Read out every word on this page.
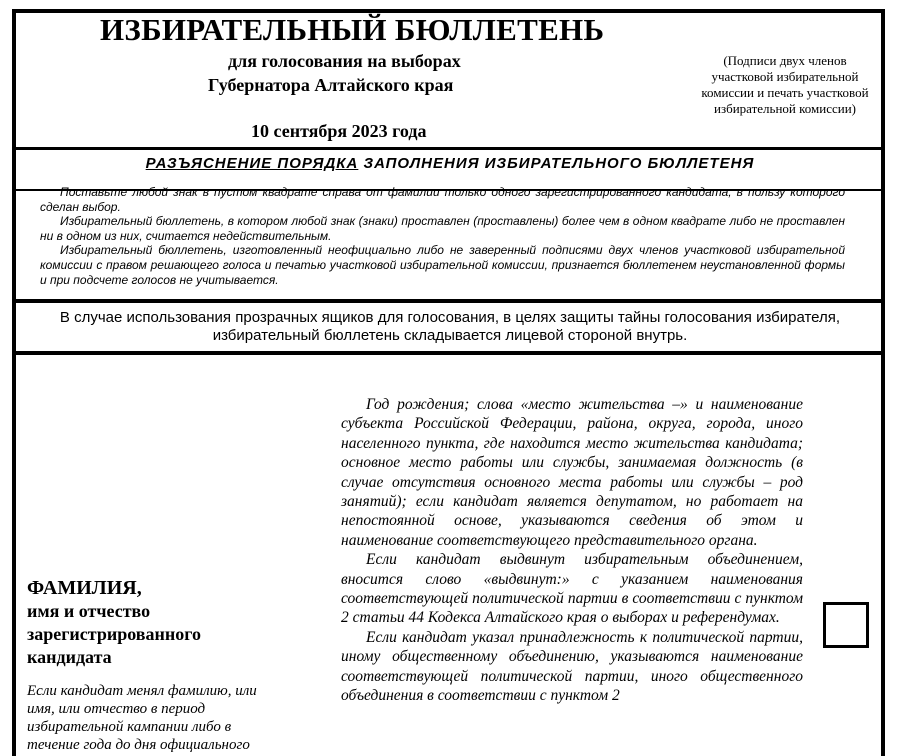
ИЗБИРАТЕЛЬНЫЙ БЮЛЛЕТЕНЬ
для голосования на выборах
Губернатора Алтайского края
10 сентября 2023 года
(Подписи двух членов
участковой избирательной
комиссии и печать участковой
избирательной комиссии)
РАЗЪЯСНЕНИЕ ПОРЯДКА ЗАПОЛНЕНИЯ ИЗБИРАТЕЛЬНОГО БЮЛЛЕТЕНЯ

Поставьте любой знак в пустом квадрате справа от фамилии только одного зарегистрированного кандидата, в пользу которого сделан выбор.

Избирательный бюллетень, в котором любой знак (знаки) проставлен (проставлены) более чем в одном квадрате либо не проставлен ни в одном из них, считается недействительным.

Избирательный бюллетень, изготовленный неофициально либо не заверенный подписями двух членов участковой избирательной комиссии с правом решающего голоса и печатью участковой избирательной комиссии, признается бюллетенем неустановленной формы и при подсчете голосов не учитывается.

В случае использования прозрачных ящиков для голосования, в целях защиты тайны голосования избирателя,
избирательный бюллетень складывается лицевой стороной внутрь.
ФАМИЛИЯ,
имя и отчество
зарегистрированного
кандидата
Если кандидат менял фамилию, или
имя, или отчество в период
избирательной кампании либо в
течение года до дня официального

Год рождения; слова «место жительства –» и наименование субъекта Российской Федерации, района, округа, города, иного населенного пункта, где находится место жительства кандидата; основное место работы или службы, занимаемая должность (в случае отсутствия основного места работы или службы – род занятий); если кандидат является депутатом, но работает на непостоянной основе, указываются сведения об этом и наименование соответствующего представительного органа.

Если кандидат выдвинут избирательным объединением, вносится слово «выдвинут:» с указанием наименования соответствующей политической партии в соответствии с пунктом 2 статьи 44 Кодекса Алтайского края о выборах и референдумах.

Если кандидат указал принадлежность к политической партии, иному общественному объединению, указываются наименование соответствующей политической партии, иного общественного объединения в соответствии с пунктом 2
